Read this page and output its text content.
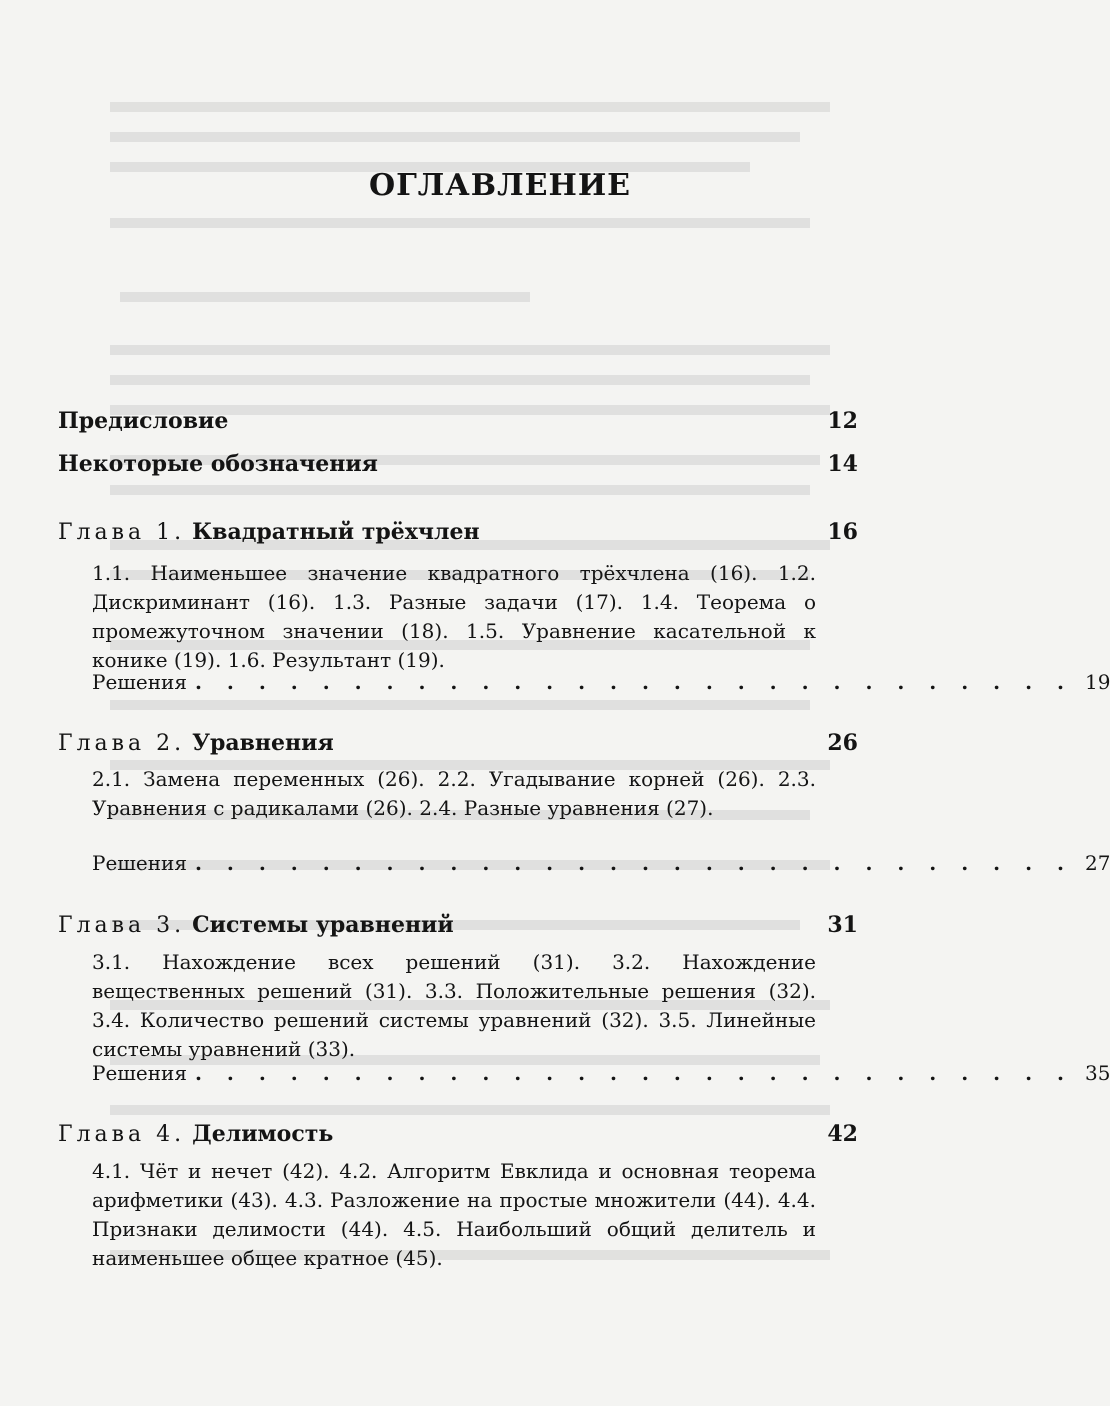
ОГЛАВЛЕНИЕ
Предисловие	12
Некоторые обозначения	14
Глава 1. Квадратный трёхчлен	16
1.1. Наименьшее значение квадратного трёхчлена (16). 1.2. Дискриминант (16). 1.3. Разные задачи (17). 1.4. Теорема о промежуточном значении (18). 1.5. Уравнение касательной к конике (19). 1.6. Результант (19).
Решения . . . . . . . . . . . . . . . . . . . . . . . . . . . . 19
Глава 2. Уравнения	26
2.1. Замена переменных (26). 2.2. Угадывание корней (26). 2.3. Уравнения с радикалами (26). 2.4. Разные уравнения (27).
Решения . . . . . . . . . . . . . . . . . . . . . . . . . . . . 27
Глава 3. Системы уравнений	31
3.1. Нахождение всех решений (31). 3.2. Нахождение вещественных решений (31). 3.3. Положительные решения (32). 3.4. Количество решений системы уравнений (32). 3.5. Линейные системы уравнений (33).
Решения . . . . . . . . . . . . . . . . . . . . . . . . . . . . 35
Глава 4. Делимость	42
4.1. Чёт и нечет (42). 4.2. Алгоритм Евклида и основная теорема арифметики (43). 4.3. Разложение на простые множители (44). 4.4. Признаки делимости (44). 4.5. Наибольший общий делитель и наименьшее общее кратное (45).
